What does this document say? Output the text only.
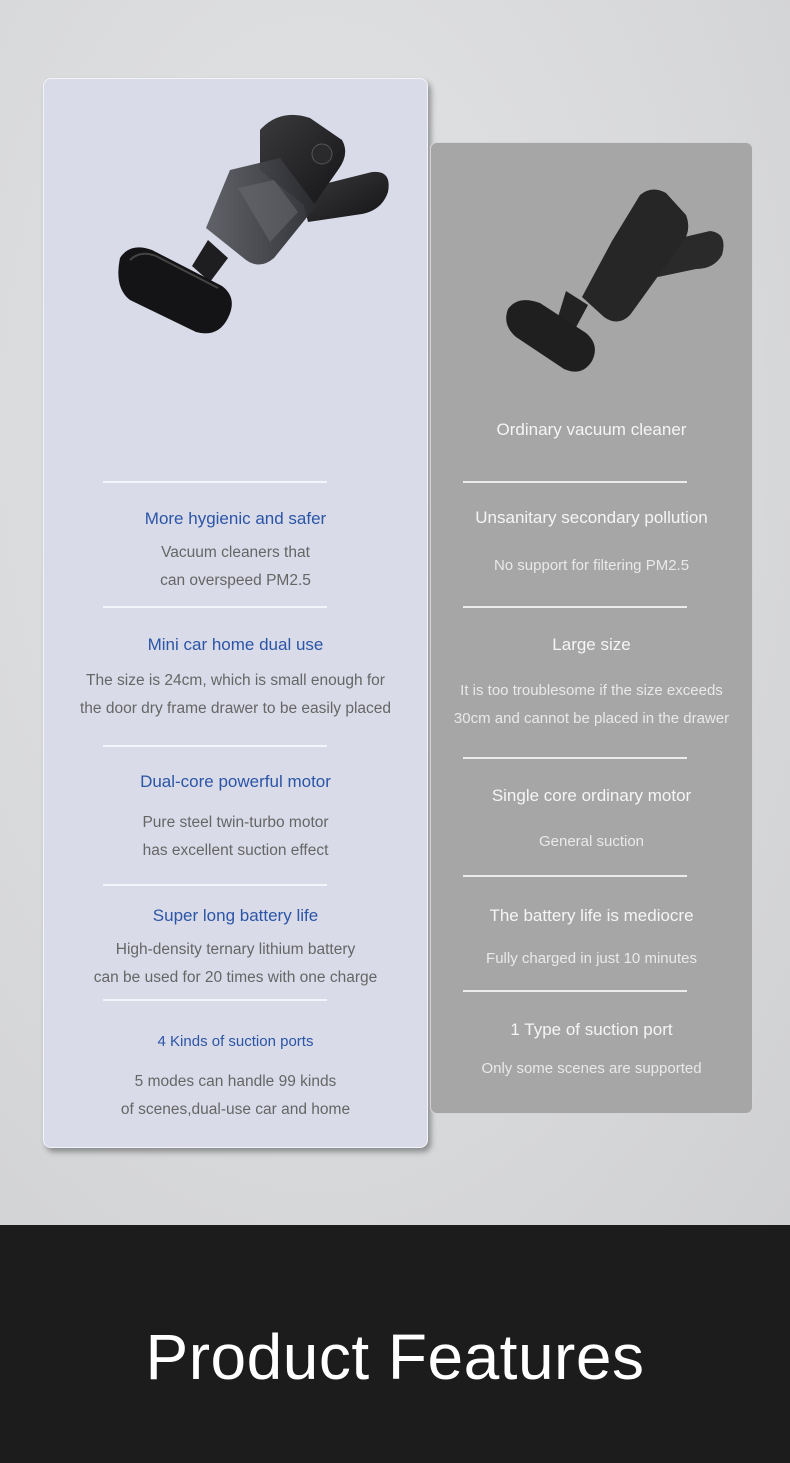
More hygienic and safer
Vacuum cleaners that
can overspeed PM2.5
Mini car home dual use
The size is 24cm, which is small enough for
the door dry frame drawer to be easily placed
Dual-core powerful motor
Pure steel twin-turbo motor
has excellent suction effect
Super long battery life
High-density ternary lithium battery
can be used for 20 times with one charge
4 Kinds of suction ports
5 modes can handle 99 kinds
of scenes,dual-use car and home
Ordinary vacuum cleaner
Unsanitary secondary pollution
No support for filtering PM2.5
Large size
It is too troublesome if the size exceeds
30cm and cannot be placed in the drawer
Single core ordinary motor
General suction
The battery life is mediocre
Fully charged in just 10 minutes
1 Type of suction port
Only some scenes are supported
Product Features
